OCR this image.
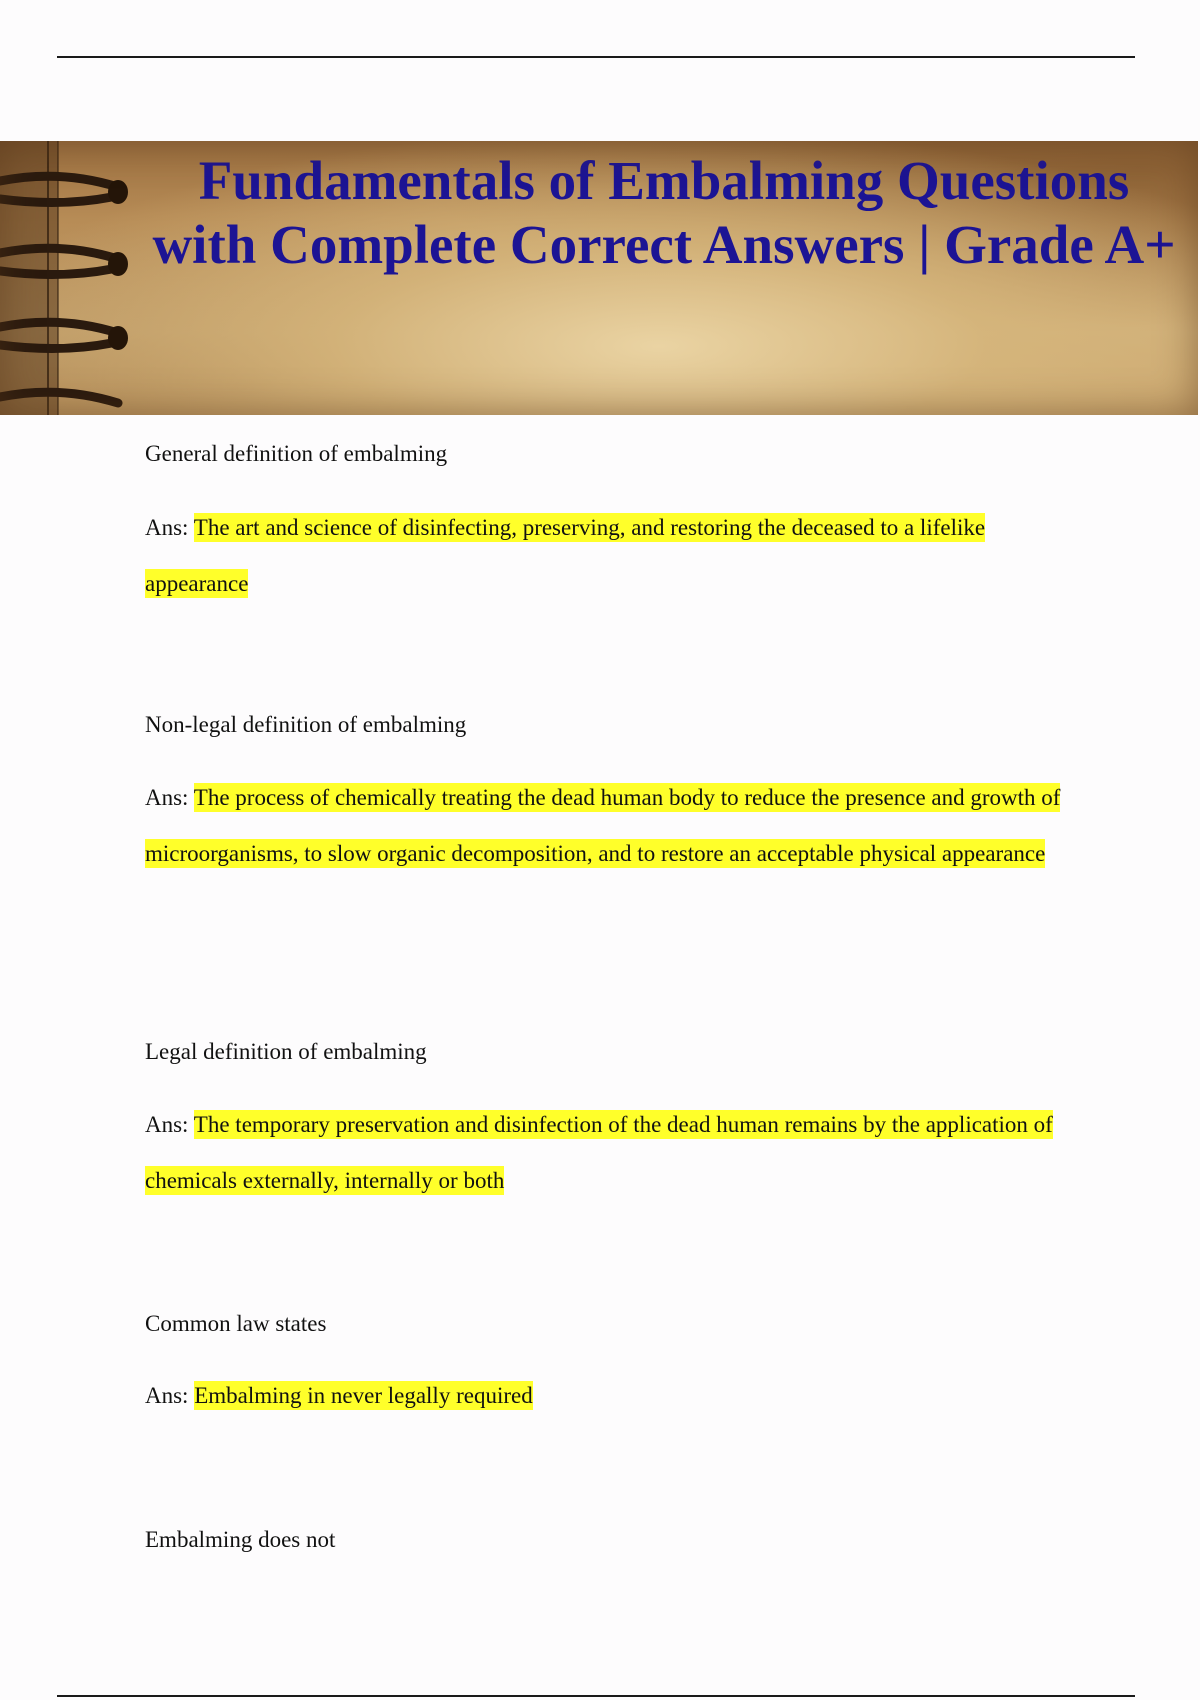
Fundamentals of Embalming Questions with Complete Correct Answers | Grade A+

General definition of embalming

Ans: The art and science of disinfecting, preserving, and restoring the deceased to a lifelike appearance

Non-legal definition of embalming

Ans: The process of chemically treating the dead human body to reduce the presence and growth of microorganisms, to slow organic decomposition, and to restore an acceptable physical appearance

Legal definition of embalming

Ans: The temporary preservation and disinfection of the dead human remains by the application of chemicals externally, internally or both

Common law states

Ans: Embalming in never legally required

Embalming does not
